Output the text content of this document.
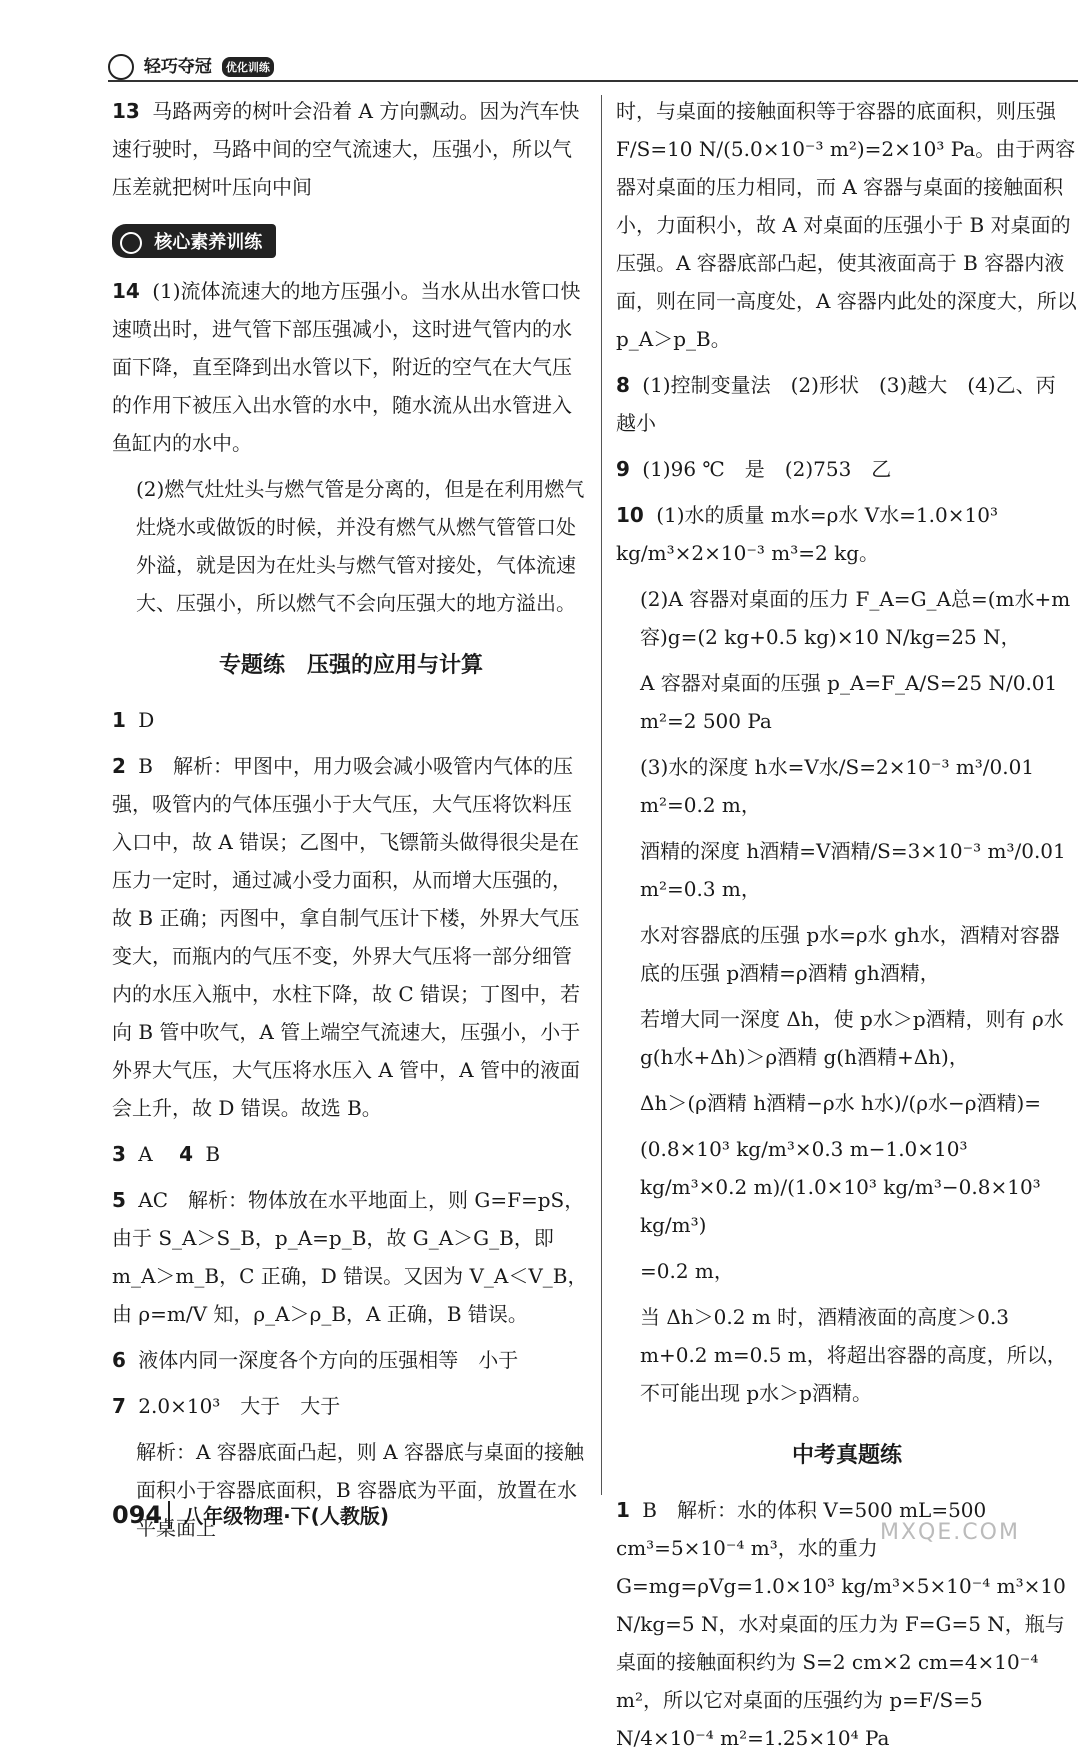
轻巧夺冠 优化训练
13 马路两旁的树叶会沿着 A 方向飘动。因为汽车快速行驶时，马路中间的空气流速大，压强小，所以气压差就把树叶压向中间
核心素养训练
14 (1)流体流速大的地方压强小。当水从出水管口快速喷出时，进气管下部压强减小，这时进气管内的水面下降，直至降到出水管以下，附近的空气在大气压的作用下被压入出水管的水中，随水流从出水管进入鱼缸内的水中。
(2)燃气灶灶头与燃气管是分离的，但是在利用燃气灶烧水或做饭的时候，并没有燃气从燃气管管口处外溢，就是因为在灶头与燃气管对接处，气体流速大、压强小，所以燃气不会向压强大的地方溢出。
专题练　压强的应用与计算
1 D
2 B　解析：甲图中，用力吸会减小吸管内气体的压强，吸管内的气体压强小于大气压，大气压将饮料压入口中，故 A 错误；乙图中，飞镖箭头做得很尖是在压力一定时，通过减小受力面积，从而增大压强的，故 B 正确；丙图中，拿自制气压计下楼，外界大气压变大，而瓶内的气压不变，外界大气压将一部分细管内的水压入瓶中，水柱下降，故 C 错误；丁图中，若向 B 管中吹气，A 管上端空气流速大，压强小，小于外界大气压，大气压将水压入 A 管中，A 管中的液面会上升，故 D 错误。故选 B。
3 A　 4 B
5 AC　解析：物体放在水平地面上，则 G=F=pS，由于 S_A＞S_B，p_A=p_B，故 G_A＞G_B，即 m_A＞m_B，C 正确，D 错误。又因为 V_A＜V_B，由 ρ=m/V 知，ρ_A＞ρ_B，A 正确，B 错误。
6 液体内同一深度各个方向的压强相等　小于
7 2.0×10³　大于　大于
解析：A 容器底面凸起，则 A 容器底与桌面的接触面积小于容器底面积，B 容器底为平面，放置在水平桌面上
时，与桌面的接触面积等于容器的底面积，则压强 F/S=10 N/(5.0×10⁻³ m²)=2×10³ Pa。由于两容器对桌面的压力相同，而 A 容器与桌面的接触面积小，力面积小，故 A 对桌面的压强小于 B 对桌面的压强。A 容器底部凸起，使其液面高于 B 容器内液面，则在同一高度处，A 容器内此处的深度大，所以 p_A＞p_B。
8 (1)控制变量法　(2)形状　(3)越大　(4)乙、丙　越小
9 (1)96 ℃　是　(2)753　乙
10 (1)水的质量 m水=ρ水 V水=1.0×10³ kg/m³×2×10⁻³ m³=2 kg。
(2)A 容器对桌面的压力 F_A=G_A总=(m水+m容)g=(2 kg+0.5 kg)×10 N/kg=25 N，
A 容器对桌面的压强 p_A=F_A/S=25 N/0.01 m²=2 500 Pa
(3)水的深度 h水=V水/S=2×10⁻³ m³/0.01 m²=0.2 m，
酒精的深度 h酒精=V酒精/S=3×10⁻³ m³/0.01 m²=0.3 m，
水对容器底的压强 p水=ρ水 gh水，酒精对容器底的压强 p酒精=ρ酒精 gh酒精，
若增大同一深度 Δh，使 p水＞p酒精，则有 ρ水 g(h水+Δh)＞ρ酒精 g(h酒精+Δh)，
Δh＞(ρ酒精 h酒精−ρ水 h水)/(ρ水−ρ酒精)=
(0.8×10³ kg/m³×0.3 m−1.0×10³ kg/m³×0.2 m)/(1.0×10³ kg/m³−0.8×10³ kg/m³)
=0.2 m，
当 Δh＞0.2 m 时，酒精液面的高度＞0.3 m+0.2 m=0.5 m，将超出容器的高度，所以，不可能出现 p水＞p酒精。
中考真题练
1 B　解析：水的体积 V=500 mL=500 cm³=5×10⁻⁴ m³，水的重力 G=mg=ρVg=1.0×10³ kg/m³×5×10⁻⁴ m³×10 N/kg=5 N，水对桌面的压力为 F=G=5 N，瓶与桌面的接触面积约为 S=2 cm×2 cm=4×10⁻⁴ m²，所以它对桌面的压强约为 p=F/S=5 N/4×10⁻⁴ m²=1.25×10⁴ Pa
094 八年级物理·下(人教版)
MXQE.COM
